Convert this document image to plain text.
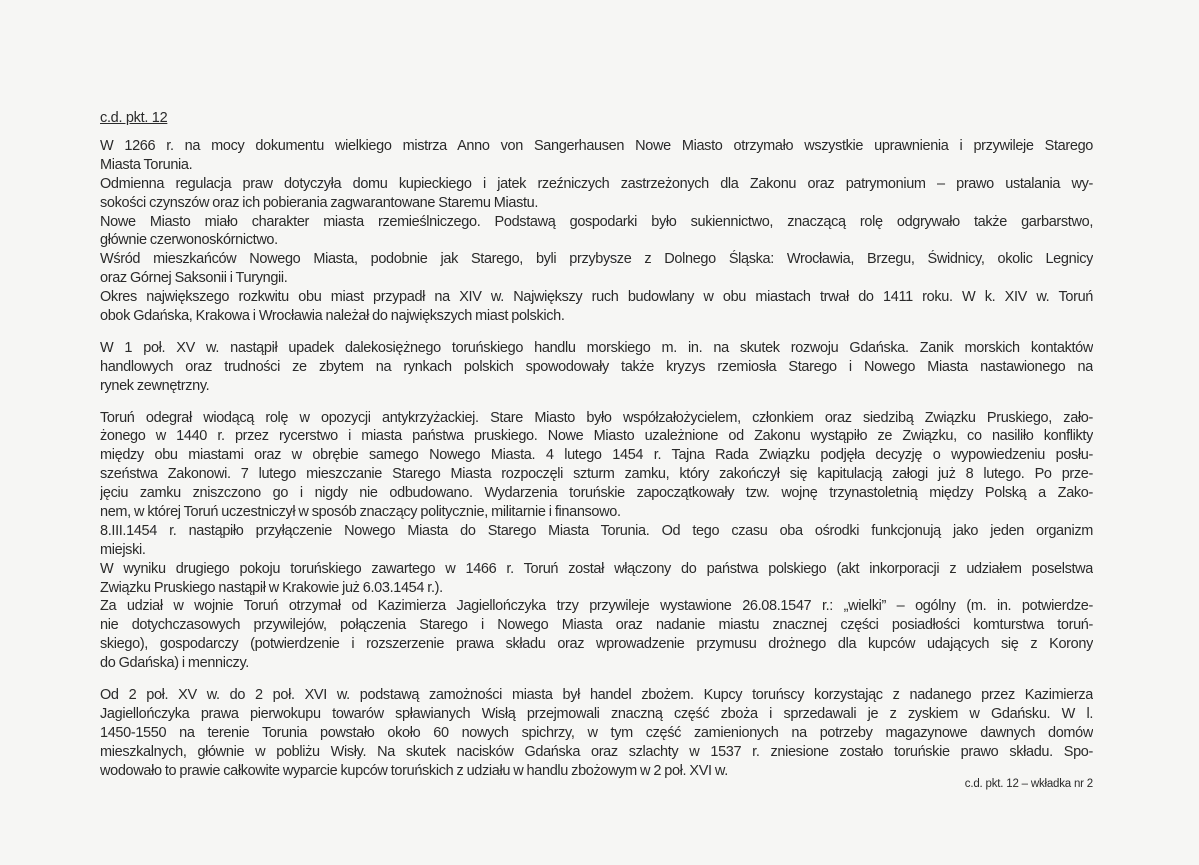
c.d. pkt. 12
W 1266 r. na mocy dokumentu wielkiego mistrza Anno von Sangerhausen Nowe Miasto otrzymało wszystkie uprawnienia i przywileje Starego
Miasta Torunia.
Odmienna regulacja praw dotyczyła domu kupieckiego i jatek rzeźniczych zastrzeżonych dla Zakonu oraz patrymonium – prawo ustalania wy-
sokości czynszów oraz ich pobierania zagwarantowane Staremu Miastu.
Nowe Miasto miało charakter miasta rzemieślniczego. Podstawą gospodarki było sukiennictwo, znaczącą rolę odgrywało także garbarstwo,
głównie czerwonoskórnictwo.
Wśród mieszkańców Nowego Miasta, podobnie jak Starego, byli przybysze z Dolnego Śląska: Wrocławia, Brzegu, Świdnicy, okolic Legnicy
oraz Górnej Saksonii i Turyngii.
Okres największego rozkwitu obu miast przypadł na XIV w. Największy ruch budowlany w obu miastach trwał do 1411 roku. W k. XIV w. Toruń
obok Gdańska, Krakowa i Wrocławia należał do największych miast polskich.
W 1 poł. XV w. nastąpił upadek dalekosiężnego toruńskiego handlu morskiego m. in. na skutek rozwoju Gdańska. Zanik morskich kontaktów
handlowych oraz trudności ze zbytem na rynkach polskich spowodowały także kryzys rzemiosła Starego i Nowego Miasta nastawionego na
rynek zewnętrzny.
Toruń odegrał wiodącą rolę w opozycji antykrzyżackiej. Stare Miasto było współzałożycielem, członkiem oraz siedzibą Związku Pruskiego, zało-
żonego w 1440 r. przez rycerstwo i miasta państwa pruskiego. Nowe Miasto uzależnione od Zakonu wystąpiło ze Związku, co nasiliło konflikty
między obu miastami oraz w obrębie samego Nowego Miasta. 4 lutego 1454 r. Tajna Rada Związku podjęła decyzję o wypowiedzeniu posłu-
szeństwa Zakonowi. 7 lutego mieszczanie Starego Miasta rozpoczęli szturm zamku, który zakończył się kapitulacją załogi już 8 lutego. Po prze-
jęciu zamku zniszczono go i nigdy nie odbudowano. Wydarzenia toruńskie zapoczątkowały tzw. wojnę trzynastoletnią między Polską a Zako-
nem, w której Toruń uczestniczył w sposób znaczący politycznie, militarnie i finansowo.
8.III.1454 r. nastąpiło przyłączenie Nowego Miasta do Starego Miasta Torunia. Od tego czasu oba ośrodki funkcjonują jako jeden organizm
miejski.
W wyniku drugiego pokoju toruńskiego zawartego w 1466 r. Toruń został włączony do państwa polskiego (akt inkorporacji z udziałem poselstwa
Związku Pruskiego nastąpił w Krakowie już 6.03.1454 r.).
Za udział w wojnie Toruń otrzymał od Kazimierza Jagiellończyka trzy przywileje wystawione 26.08.1547 r.: „wielki” – ogólny (m. in. potwierdze-
nie dotychczasowych przywilejów, połączenia Starego i Nowego Miasta oraz nadanie miastu znacznej części posiadłości komturstwa toruń-
skiego), gospodarczy (potwierdzenie i rozszerzenie prawa składu oraz wprowadzenie przymusu drożnego dla kupców udających się z Korony
do Gdańska) i menniczy.
Od 2 poł. XV w. do 2 poł. XVI w. podstawą zamożności miasta był handel zbożem. Kupcy toruńscy korzystając z nadanego przez Kazimierza
Jagiellończyka prawa pierwokupu towarów spławianych Wisłą przejmowali znaczną część zboża i sprzedawali je z zyskiem w Gdańsku. W l.
1450-1550 na terenie Torunia powstało około 60 nowych spichrzy, w tym część zamienionych na potrzeby magazynowe dawnych domów
mieszkalnych, głównie w pobliżu Wisły. Na skutek nacisków Gdańska oraz szlachty w 1537 r. zniesione zostało toruńskie prawo składu. Spo-
wodowało to prawie całkowite wyparcie kupców toruńskich z udziału w handlu zbożowym w 2 poł. XVI w.
c.d. pkt. 12 – wkładka nr 2
